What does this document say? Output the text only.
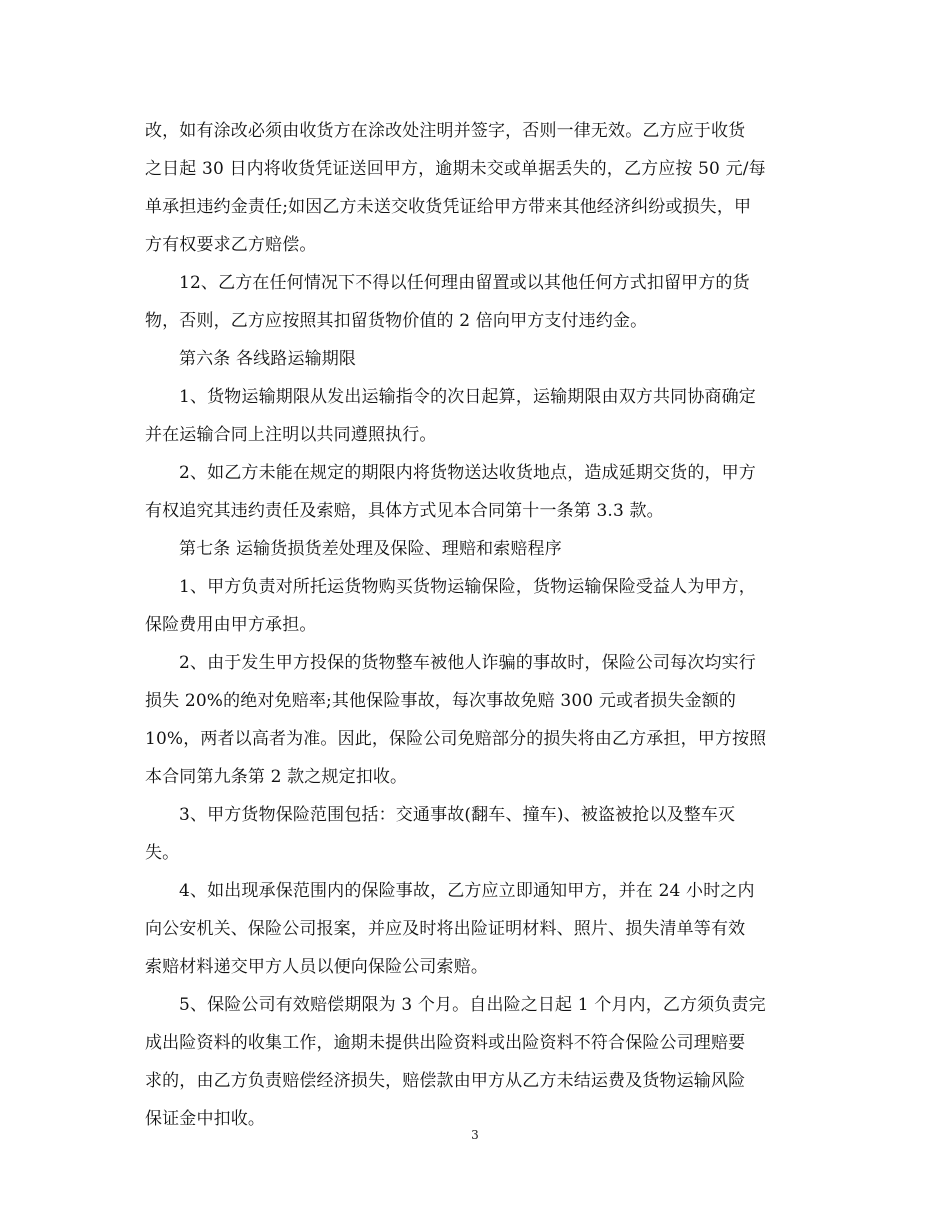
改，如有涂改必须由收货方在涂改处注明并签字，否则一律无效。乙方应于收货
之日起 30 日内将收货凭证送回甲方，逾期未交或单据丢失的，乙方应按 50 元/每
单承担违约金责任;如因乙方未送交收货凭证给甲方带来其他经济纠纷或损失，甲
方有权要求乙方赔偿。
12、乙方在任何情况下不得以任何理由留置或以其他任何方式扣留甲方的货
物，否则，乙方应按照其扣留货物价值的 2 倍向甲方支付违约金。
第六条 各线路运输期限
1、货物运输期限从发出运输指令的次日起算，运输期限由双方共同协商确定
并在运输合同上注明以共同遵照执行。
2、如乙方未能在规定的期限内将货物送达收货地点，造成延期交货的，甲方
有权追究其违约责任及索赔，具体方式见本合同第十一条第 3.3 款。
第七条 运输货损货差处理及保险、理赔和索赔程序
1、甲方负责对所托运货物购买货物运输保险，货物运输保险受益人为甲方，
保险费用由甲方承担。
2、由于发生甲方投保的货物整车被他人诈骗的事故时，保险公司每次均实行
损失 20%的绝对免赔率;其他保险事故，每次事故免赔 300 元或者损失金额的
10%，两者以高者为准。因此，保险公司免赔部分的损失将由乙方承担，甲方按照
本合同第九条第 2 款之规定扣收。
3、甲方货物保险范围包括：交通事故(翻车、撞车)、被盗被抢以及整车灭
失。
4、如出现承保范围内的保险事故，乙方应立即通知甲方，并在 24 小时之内
向公安机关、保险公司报案，并应及时将出险证明材料、照片、损失清单等有效
索赔材料递交甲方人员以便向保险公司索赔。
5、保险公司有效赔偿期限为 3 个月。自出险之日起 1 个月内，乙方须负责完
成出险资料的收集工作，逾期未提供出险资料或出险资料不符合保险公司理赔要
求的，由乙方负责赔偿经济损失，赔偿款由甲方从乙方未结运费及货物运输风险
保证金中扣收。
3
